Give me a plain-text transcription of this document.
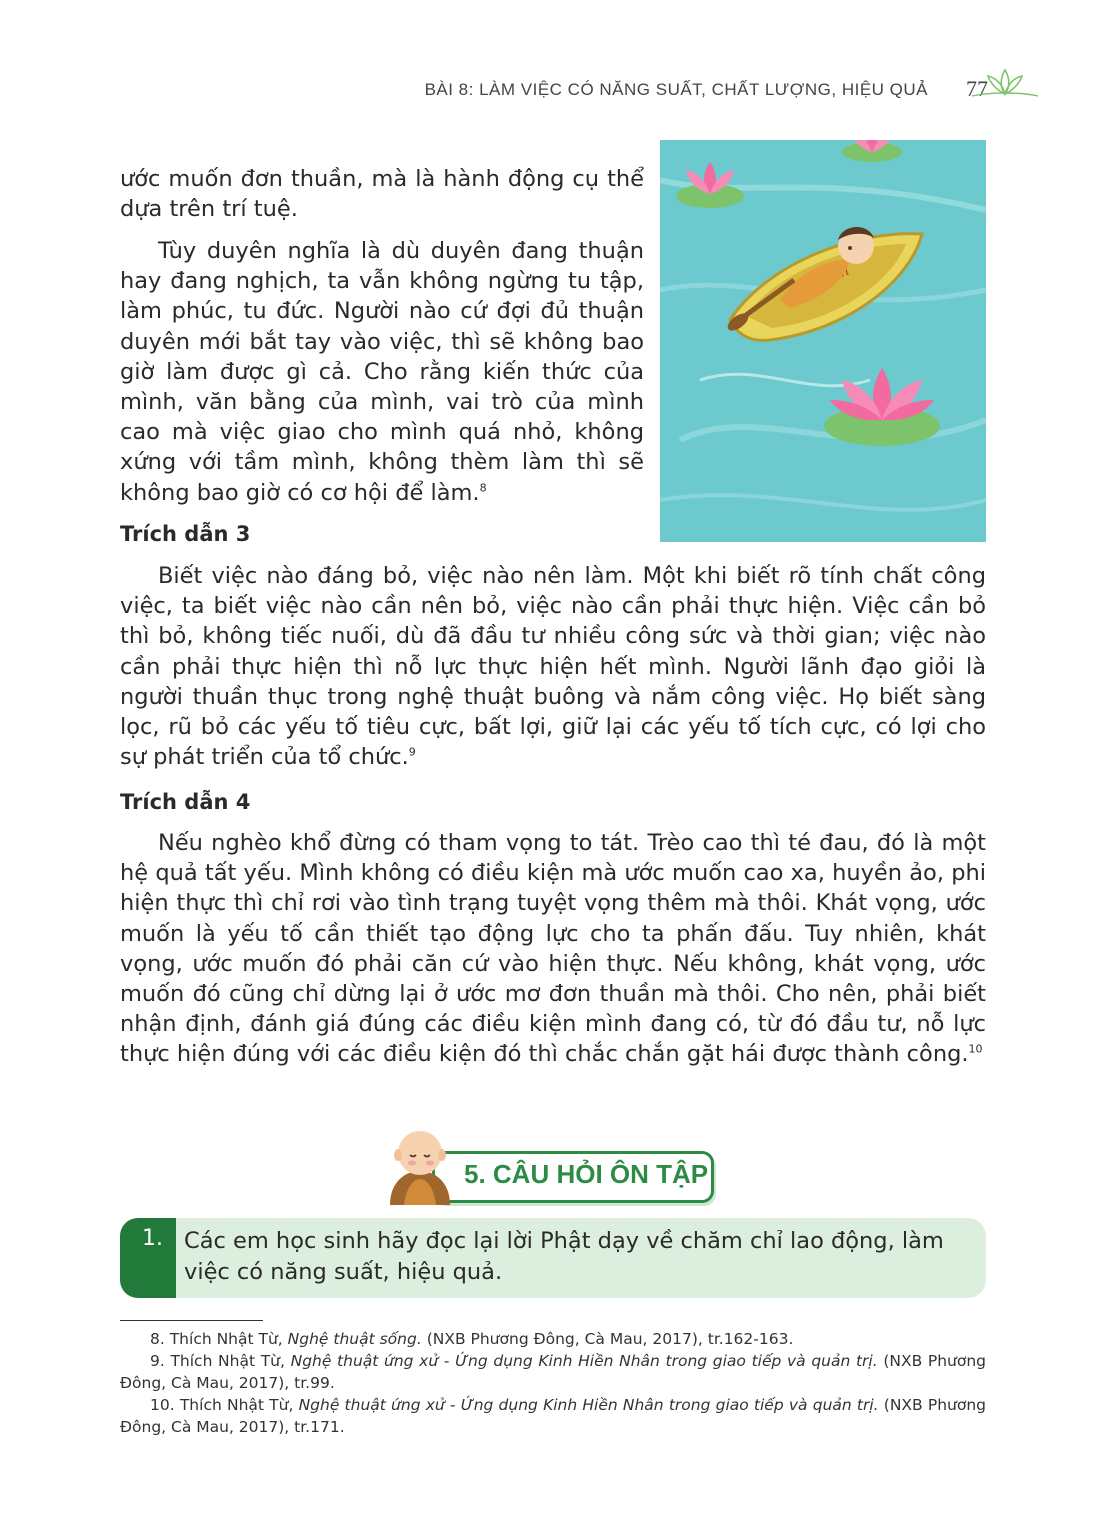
BÀI 8: LÀM VIỆC CÓ NĂNG SUẤT, CHẤT LƯỢNG, HIỆU QUẢ 77

ước muốn đơn thuần, mà là hành động cụ thể dựa trên trí tuệ.

Tùy duyên nghĩa là dù duyên đang thuận hay đang nghịch, ta vẫn không ngừng tu tập, làm phúc, tu đức. Người nào cứ đợi đủ thuận duyên mới bắt tay vào việc, thì sẽ không bao giờ làm được gì cả. Cho rằng kiến thức của mình, văn bằng của mình, vai trò của mình cao mà việc giao cho mình quá nhỏ, không xứng với tầm mình, không thèm làm thì sẽ không bao giờ có cơ hội để làm.$^8$

Trích dẫn 3

Biết việc nào đáng bỏ, việc nào nên làm. Một khi biết rõ tính chất công việc, ta biết việc nào cần nên bỏ, việc nào cần phải thực hiện. Việc cần bỏ thì bỏ, không tiếc nuối, dù đã đầu tư nhiều công sức và thời gian; việc nào cần phải thực hiện thì nỗ lực thực hiện hết mình. Người lãnh đạo giỏi là người thuần thục trong nghệ thuật buông và nắm công việc. Họ biết sàng lọc, rũ bỏ các yếu tố tiêu cực, bất lợi, giữ lại các yếu tố tích cực, có lợi cho sự phát triển của tổ chức.$^9$

Trích dẫn 4

Nếu nghèo khổ đừng có tham vọng to tát. Trèo cao thì té đau, đó là một hệ quả tất yếu. Mình không có điều kiện mà ước muốn cao xa, huyền ảo, phi hiện thực thì chỉ rơi vào tình trạng tuyệt vọng thêm mà thôi. Khát vọng, ước muốn là yếu tố cần thiết tạo động lực cho ta phấn đấu. Tuy nhiên, khát vọng, ước muốn đó phải căn cứ vào hiện thực. Nếu không, khát vọng, ước muốn đó cũng chỉ dừng lại ở ước mơ đơn thuần mà thôi. Cho nên, phải biết nhận định, đánh giá đúng các điều kiện mình đang có, từ đó đầu tư, nỗ lực thực hiện đúng với các điều kiện đó thì chắc chắn gặt hái được thành công.$^{10}$

5. CÂU HỎI ÔN TẬP
1. Các em học sinh hãy đọc lại lời Phật dạy về chăm chỉ lao động, làm việc có năng suất, hiệu quả.

8. Thích Nhật Từ, Nghệ thuật sống. (NXB Phương Đông, Cà Mau, 2017), tr.162-163.

9. Thích Nhật Từ, Nghệ thuật ứng xử - Ứng dụng Kinh Hiền Nhân trong giao tiếp và quản trị. (NXB Phương Đông, Cà Mau, 2017), tr.99.

10. Thích Nhật Từ, Nghệ thuật ứng xử - Ứng dụng Kinh Hiền Nhân trong giao tiếp và quản trị. (NXB Phương Đông, Cà Mau, 2017), tr.171.
